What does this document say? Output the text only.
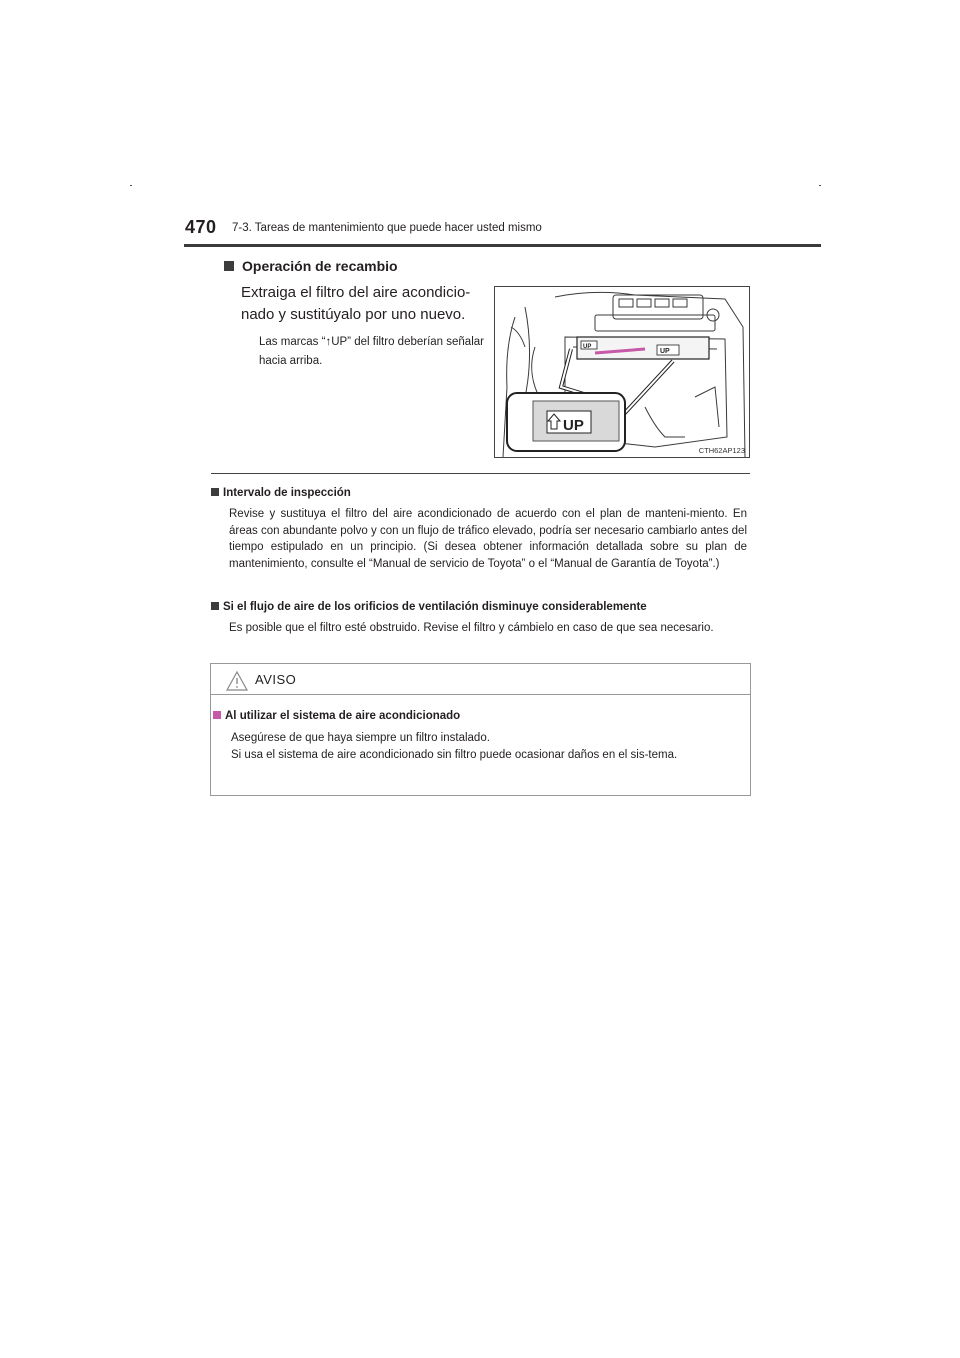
470 7-3. Tareas de mantenimiento que puede hacer usted mismo
Operación de recambio
Extraiga el filtro del aire acondicio-nado y sustitúyalo por uno nuevo.
Las marcas “↑UP” del filtro deberían señalar hacia arriba.
UP
UP
UP
CTH62AP123
Intervalo de inspección
Revise y sustituya el filtro del aire acondicionado de acuerdo con el plan de manteni-miento. En áreas con abundante polvo y con un flujo de tráfico elevado, podría ser necesario cambiarlo antes del tiempo estipulado en un principio. (Si desea obtener información detallada sobre su plan de mantenimiento, consulte el “Manual de servicio de Toyota” o el “Manual de Garantía de Toyota”.)
Si el flujo de aire de los orificios de ventilación disminuye considerablemente
Es posible que el filtro esté obstruido. Revise el filtro y cámbielo en caso de que sea necesario.
AVISO
Al utilizar el sistema de aire acondicionado
Asegúrese de que haya siempre un filtro instalado.
Si usa el sistema de aire acondicionado sin filtro puede ocasionar daños en el sis-tema.
